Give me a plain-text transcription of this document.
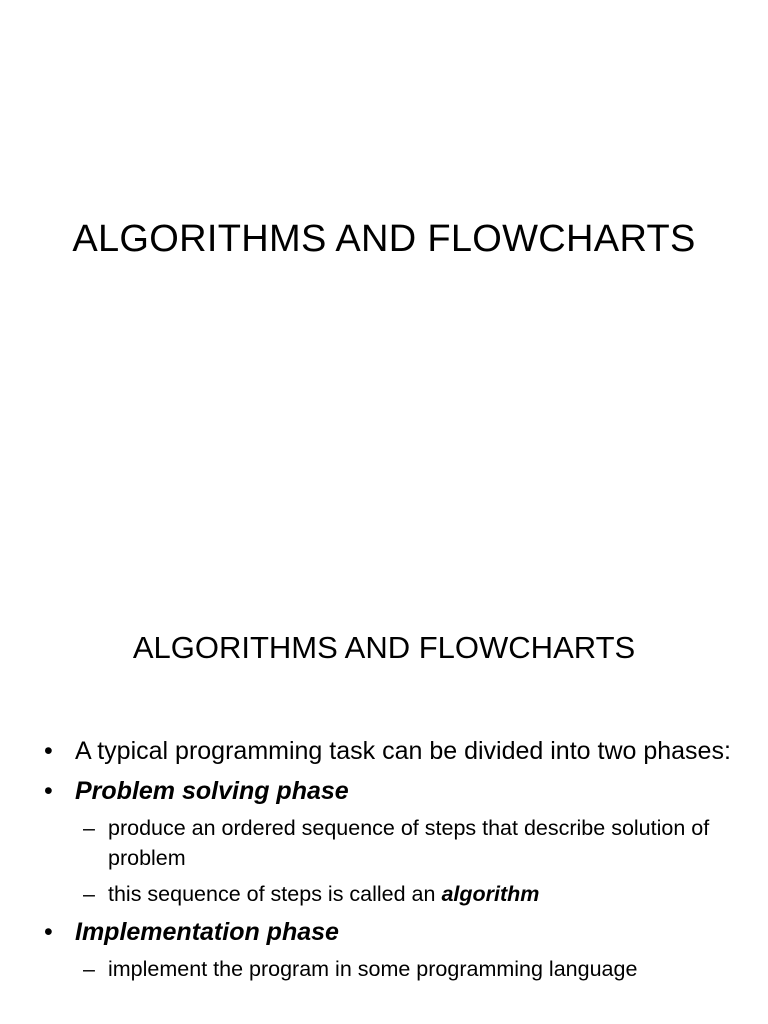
ALGORITHMS AND FLOWCHARTS
ALGORITHMS AND FLOWCHARTS
• A typical programming task can be divided into two phases:
• Problem solving phase
– produce an ordered sequence of steps that describe solution of problem
– this sequence of steps is called an algorithm
• Implementation phase
– implement the program in some programming language
